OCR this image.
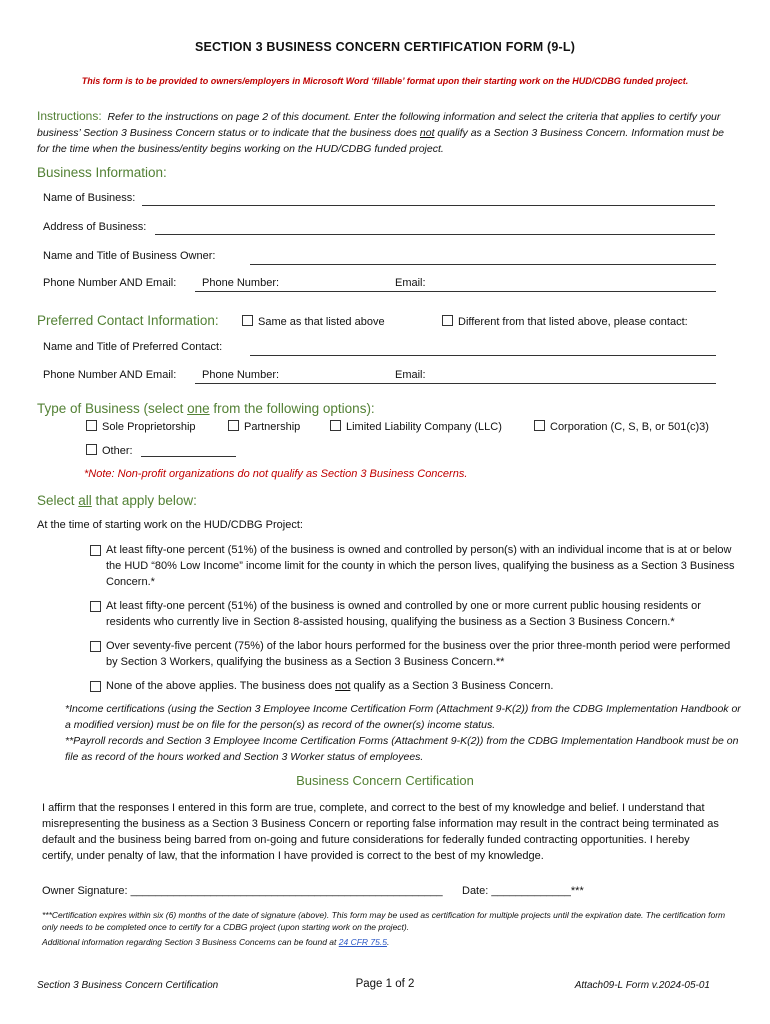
SECTION 3 BUSINESS CONCERN CERTIFICATION FORM (9-L)
This form is to be provided to owners/employers in Microsoft Word ‘fillable’ format upon their starting work on the HUD/CDBG funded project.
Instructions: Refer to the instructions on page 2 of this document. Enter the following information and select the criteria that applies to certify your business’ Section 3 Business Concern status or to indicate that the business does not qualify as a Section 3 Business Concern. Information must be for the time when the business/entity begins working on the HUD/CDBG funded project.
Business Information:
Name of Business:
Address of Business:
Name and Title of Business Owner:
Phone Number AND Email: Phone Number:	Email:
Preferred Contact Information:	Same as that listed above	Different from that listed above, please contact:
Name and Title of Preferred Contact:
Phone Number AND Email: Phone Number:	Email:
Type of Business (select one from the following options):
Sole Proprietorship	Partnership	Limited Liability Company (LLC)	Corporation (C, S, B, or 501(c)3)
Other:
*Note: Non-profit organizations do not qualify as Section 3 Business Concerns.
Select all that apply below:
At the time of starting work on the HUD/CDBG Project:
At least fifty-one percent (51%) of the business is owned and controlled by person(s) with an individual income that is at or below the HUD “80% Low Income” income limit for the county in which the person lives, qualifying the business as a Section 3 Business Concern.*
At least fifty-one percent (51%) of the business is owned and controlled by one or more current public housing residents or residents who currently live in Section 8-assisted housing, qualifying the business as a Section 3 Business Concern.*
Over seventy-five percent (75%) of the labor hours performed for the business over the prior three-month period were performed by Section 3 Workers, qualifying the business as a Section 3 Business Concern.**
None of the above applies. The business does not qualify as a Section 3 Business Concern.
*Income certifications (using the Section 3 Employee Income Certification Form (Attachment 9-K(2)) from the CDBG Implementation Handbook or a modified version) must be on file for the person(s) as record of the owner(s) income status.
**Payroll records and Section 3 Employee Income Certification Forms (Attachment 9-K(2)) from the CDBG Implementation Handbook must be on file as record of the hours worked and Section 3 Worker status of employees.
Business Concern Certification
I affirm that the responses I entered in this form are true, complete, and correct to the best of my knowledge and belief. I understand that misrepresenting the business as a Section 3 Business Concern or reporting false information may result in the contract being terminated as default and the business being barred from on-going and future considerations for federally funded contracting opportunities. I hereby certify, under penalty of law, that the information I have provided is correct to the best of my knowledge.
Owner Signature: ___________________________________________________ Date: _____________***
***Certification expires within six (6) months of the date of signature (above). This form may be used as certification for multiple projects until the expiration date. The certification form only needs to be completed once to certify for a CDBG project (upon starting work on the project).
Additional information regarding Section 3 Business Concerns can be found at 24 CFR 75.5.
Section 3 Business Concern Certification	Page 1 of 2	Attach09-L Form v.2024-05-01
